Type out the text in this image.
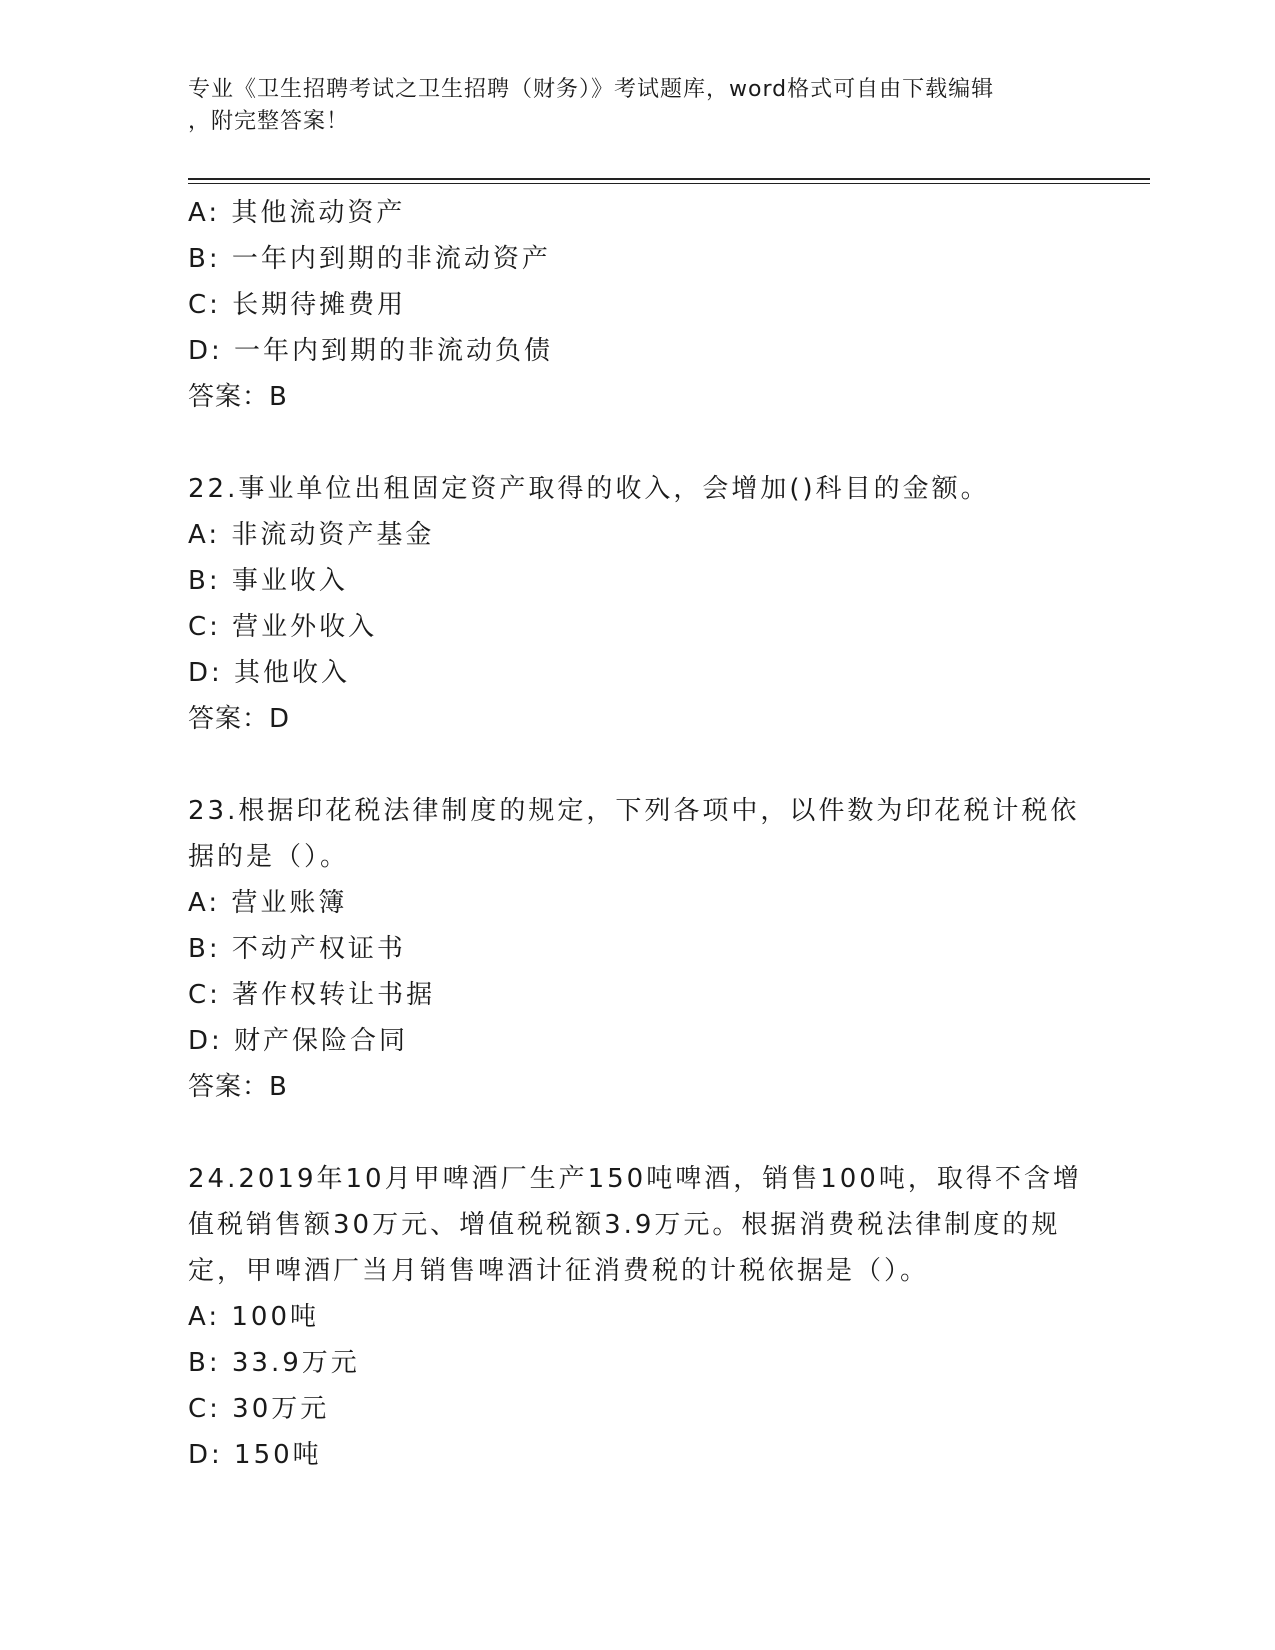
专业《卫生招聘考试之卫生招聘（财务）》考试题库，word格式可自由下载编辑
，附完整答案！
A: 其他流动资产
B: 一年内到期的非流动资产
C: 长期待摊费用
D: 一年内到期的非流动负债
答案：B
22.事业单位出租固定资产取得的收入，会增加()科目的金额。
A: 非流动资产基金
B: 事业收入
C: 营业外收入
D: 其他收入
答案：D
23.根据印花税法律制度的规定，下列各项中，以件数为印花税计税依
据的是（）。
A: 营业账簿
B: 不动产权证书
C: 著作权转让书据
D: 财产保险合同
答案：B
24.2019年10月甲啤酒厂生产150吨啤酒，销售100吨，取得不含增
值税销售额30万元、增值税税额3.9万元。根据消费税法律制度的规
定，甲啤酒厂当月销售啤酒计征消费税的计税依据是（）。
A: 100吨
B: 33.9万元
C: 30万元
D: 150吨
